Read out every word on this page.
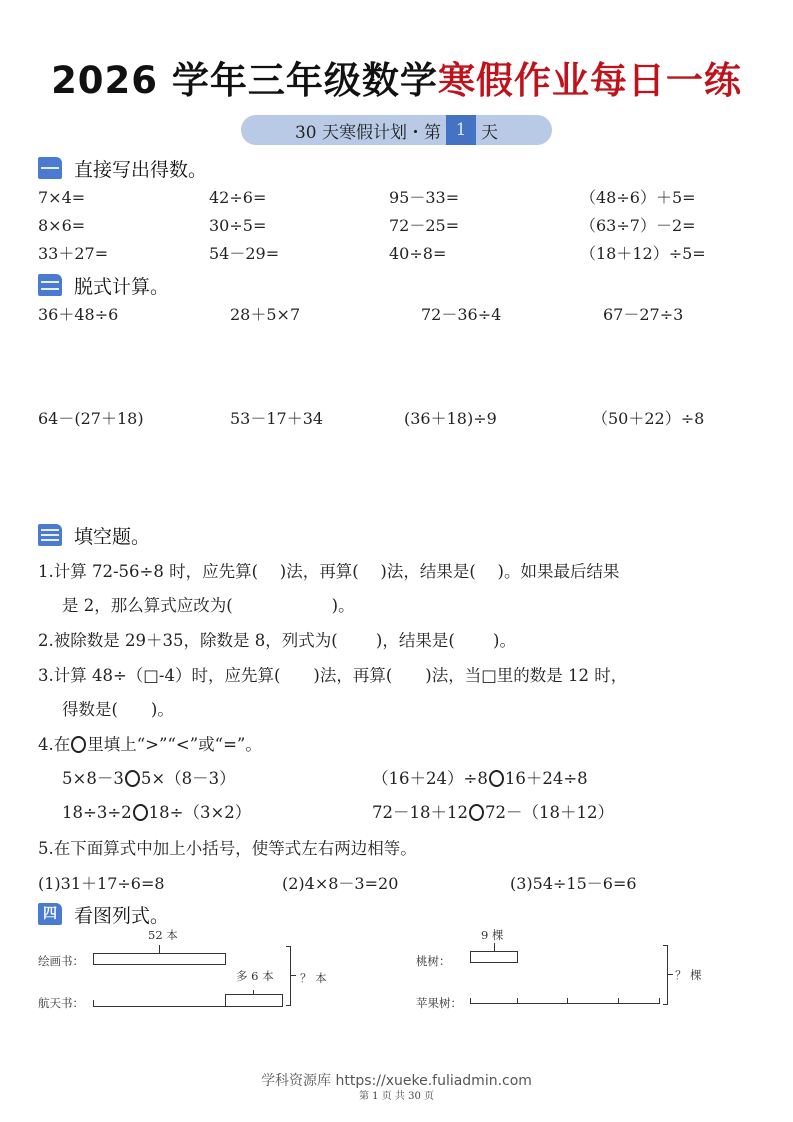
2026 学年三年级数学寒假作业每日一练
30 天寒假计划・第 1 天
直接写出得数。
7×4=	42÷6=	95－33=	（48÷6）＋5=
8×6=	30÷5=	72－25=	（63÷7）－2=
33＋27=	54－29=	40÷8=	（18＋12）÷5=
脱式计算。
36＋48÷6	28＋5×7	72－36÷4	67－27÷3
64－(27＋18)	53－17＋34	(36＋18)÷9	（50＋22）÷8
填空题。
1.计算 72-56÷8 时，应先算(　 )法，再算(　 )法，结果是(　 )。如果最后结果
是 2，那么算式应改为(　　　　　　)。
2.被除数是 29＋35，除数是 8，列式为(　　 )，结果是(　　 )。
3.计算 48÷（□-4）时，应先算(　　)法，再算(　　)法，当□里的数是 12 时，
得数是(　　)。
4.在 里填上“>”“<”或“=”。
5×8－3 5×（8－3）	（16＋24）÷8 16＋24÷8
18÷3÷2 18÷（3×2）	72－18＋12 72－（18＋12）
5.在下面算式中加上小括号，使等式左右两边相等。
(1)31＋17÷6=8	(2)4×8－3=20	(3)54÷15－6=6
四 看图列式。
52 本
绘画书：
航天书：
多 6 本 ？ 本
9 棵
桃树：
苹果树：
？ 棵
学科资源库 https://xueke.fuliadmin.com
第 1 页 共 30 页
